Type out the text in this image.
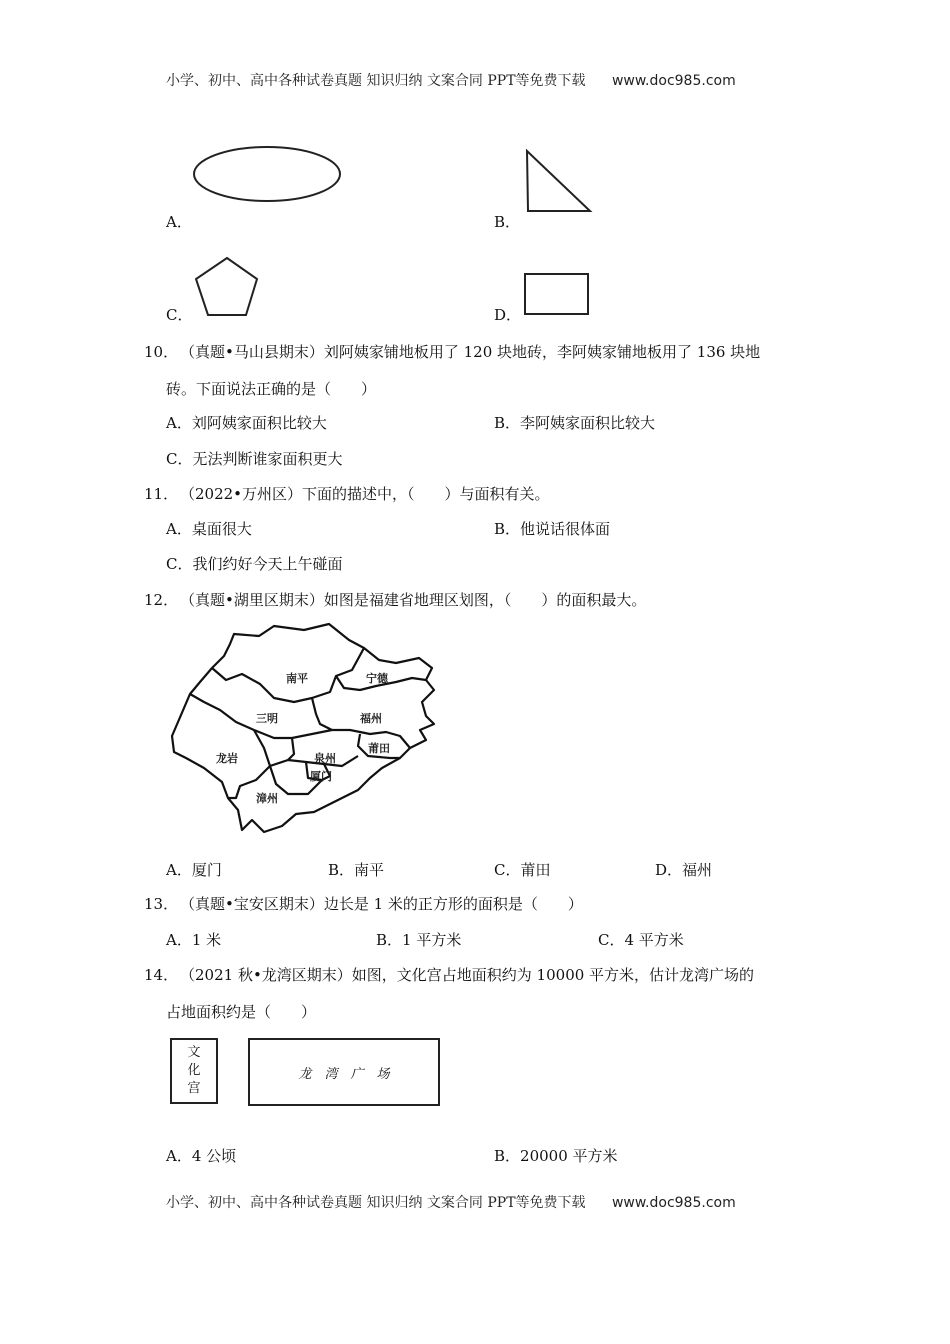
小学、初中、高中各种试卷真题 知识归纳 文案合同 PPT等免费下载 www.doc985.com
A．	B．
C．	D．
10． （真题•马山县期末）刘阿姨家铺地板用了 120 块地砖，李阿姨家铺地板用了 136 块地
砖。下面说法正确的是（　　）
A．刘阿姨家面积比较大	B．李阿姨家面积比较大
C．无法判断谁家面积更大
11． （2022•万州区）下面的描述中，（　　）与面积有关。
A．桌面很大	B．他说话很体面
C．我们约好今天上午碰面
12． （真题•湖里区期末）如图是福建省地理区划图，（　　）的面积最大。
南平	宁德
三明	福州
莆田
龙岩	泉州
厦门
漳州
A．厦门	B．南平	C．莆田	D．福州
13． （真题•宝安区期末）边长是 1 米的正方形的面积是（　　）
A．1 米	B．1 平方米	C．4 平方米
14． （2021 秋•龙湾区期末）如图，文化宫占地面积约为 10000 平方米，估计龙湾广场的
占地面积约是（　　）
文
化
宫
龙　湾　广　场
A．4 公顷	B．20000 平方米
小学、初中、高中各种试卷真题 知识归纳 文案合同 PPT等免费下载 www.doc985.com
